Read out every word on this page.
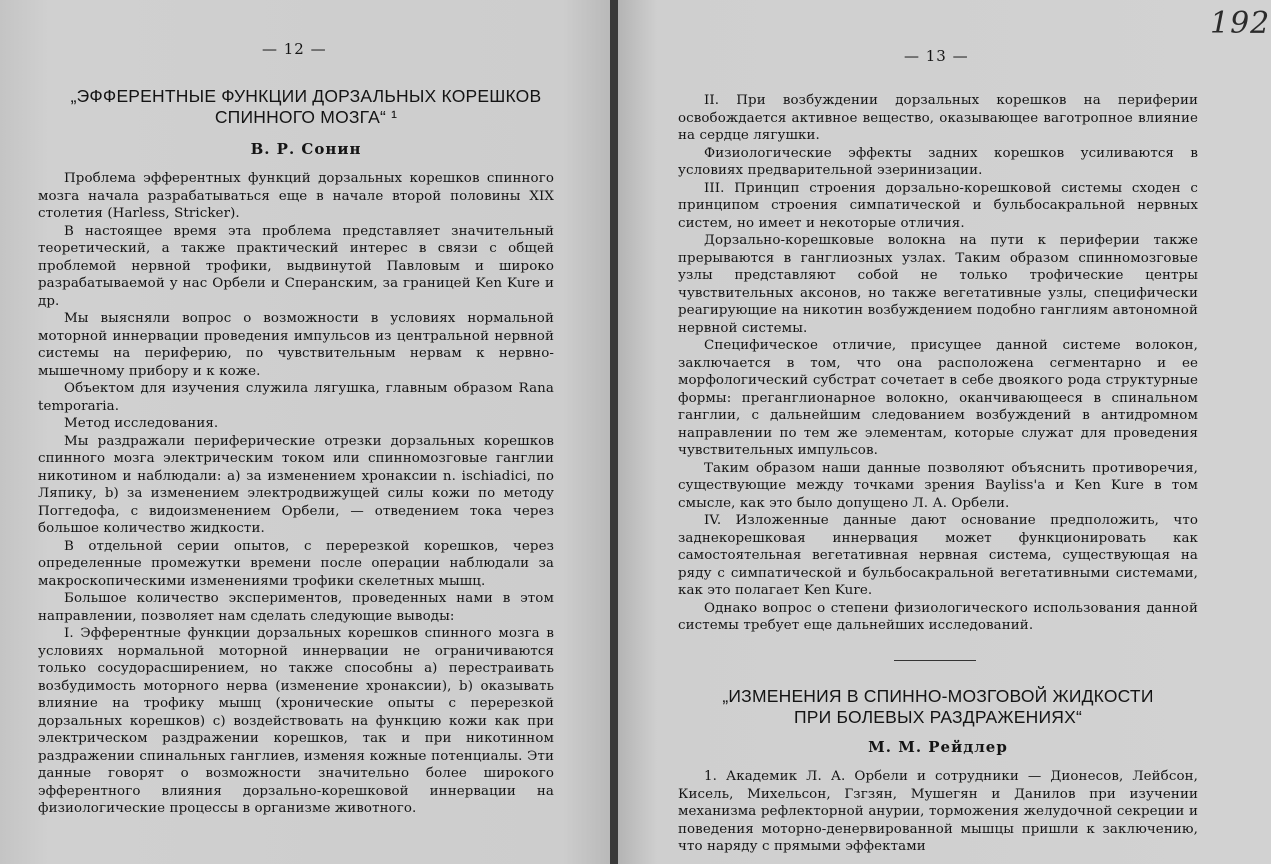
— 12 —
„ЭФФЕРЕНТНЫЕ ФУНКЦИИ ДОРЗАЛЬНЫХ КОРЕШКОВ
СПИННОГО МОЗГА“ ¹
В. Р. Сонин

Проблема эфферентных функций дорзальных корешков спинного мозга начала разрабатываться еще в начале второй половины XIX столетия (Harless, Stricker).

В настоящее время эта проблема представляет значительный теоретический, а также практический интерес в связи с общей проблемой нервной трофики, выдвинутой Павловым и широко разрабатываемой у нас Орбели и Сперанским, за границей Ken Kure и др.

Мы выясняли вопрос о возможности в условиях нормальной моторной иннервации проведения импульсов из центральной нервной системы на периферию, по чувствительным нервам к нервно-мышечному прибору и к коже.

Объектом для изучения служила лягушка, главным образом Rana temporaria.

Метод исследования.

Мы раздражали периферические отрезки дорзальных корешков спинного мозга электрическим током или спинномозговые ганглии никотином и наблюдали: а) за изменением хронаксии n. ischiadici, по Ляпику, b) за изменением электродвижущей силы кожи по методу Поггедофа, с видоизменением Орбели, — отведением тока через большое количество жидкости.

В отдельной серии опытов, с перерезкой корешков, через определенные промежутки времени после операции наблюдали за макроскопическими изменениями трофики скелетных мышц.

Большое количество экспериментов, проведенных нами в этом направлении, позволяет нам сделать следующие выводы:

I. Эфферентные функции дорзальных корешков спинного мозга в условиях нормальной моторной иннервации не ограничиваются только сосудорасширением, но также способны а) перестраивать возбудимость моторного нерва (изменение хронаксии), b) оказывать влияние на трофику мышц (хронические опыты с перерезкой дорзальных корешков) с) воздействовать на функцию кожи как при электрическом раздражении корешков, так и при никотинном раздражении спинальных ганглиев, изменяя кожные потенциалы. Эти данные говорят о возможности значительно более широкого эфферентного влияния дорзально-корешковой иннервации на физиологические процессы в организме животного.

— 13 —

II. При возбуждении дорзальных корешков на периферии освобождается активное вещество, оказывающее ваготропное влияние на сердце лягушки.

Физиологические эффекты задних корешков усиливаются в условиях предварительной эзеринизации.

III. Принцип строения дорзально-корешковой системы сходен с принципом строения симпатической и бульбосакральной нервных систем, но имеет и некоторые отличия.

Дорзально-корешковые волокна на пути к периферии также прерываются в ганглиозных узлах. Таким образом спинномозговые узлы представляют собой не только трофические центры чувствительных аксонов, но также вегетативные узлы, специфически реагирующие на никотин возбуждением подобно ганглиям автономной нервной системы.

Специфическое отличие, присущее данной системе волокон, заключается в том, что она расположена сегментарно и ее морфологический субстрат сочетает в себе двоякого рода структурные формы: преганглионарное волокно, оканчивающееся в спинальном ганглии, с дальнейшим следованием возбуждений в антидромном направлении по тем же элементам, которые служат для проведения чувствительных импульсов.

Таким образом наши данные позволяют объяснить противоречия, существующие между точками зрения Bayliss'а и Ken Kure в том смысле, как это было допущено Л. А. Орбели.

IV. Изложенные данные дают основание предположить, что заднекорешковая иннервация может функционировать как самостоятельная вегетативная нервная система, существующая на ряду с симпатической и бульбосакральной вегетативными системами, как это полагает Ken Kure.

Однако вопрос о степени физиологического использования данной системы требует еще дальнейших исследований.

„ИЗМЕНЕНИЯ В СПИННО-МОЗГОВОЙ ЖИДКОСТИ
ПРИ БОЛЕВЫХ РАЗДРАЖЕНИЯХ“
М. М. Рейдлер

1. Академик Л. А. Орбели и сотрудники — Дионесов, Лейбсон, Кисель, Михельсон, Гзгзян, Мушегян и Данилов при изучении механизма рефлекторной анурии, торможения желудочной секреции и поведения моторно-денервированной мышцы пришли к заключению, что наряду с прямыми эффектами

192
